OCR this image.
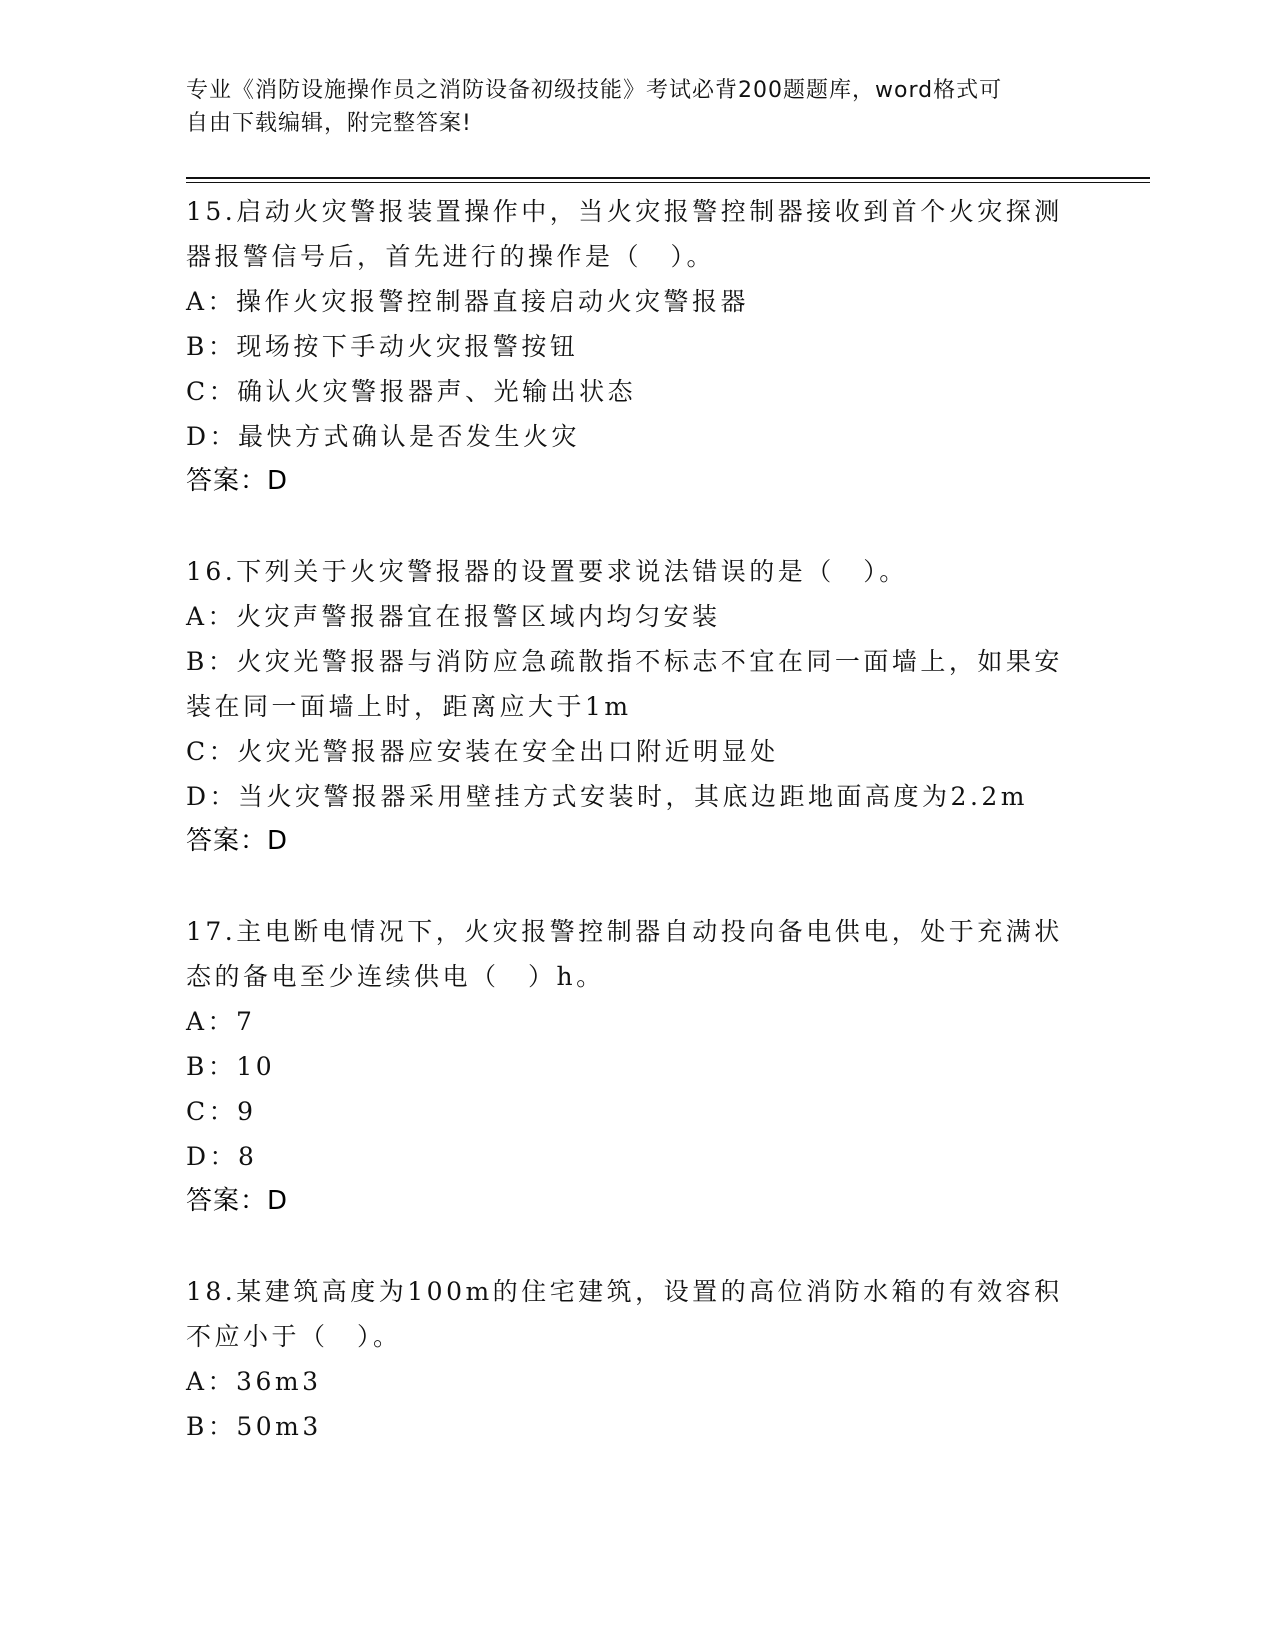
专业《消防设施操作员之消防设备初级技能》考试必背200题题库，word格式可
自由下载编辑，附完整答案!
15.启动火灾警报装置操作中，当火灾报警控制器接收到首个火灾探测
器报警信号后，首先进行的操作是（　）。
A：操作火灾报警控制器直接启动火灾警报器
B：现场按下手动火灾报警按钮
C：确认火灾警报器声、光输出状态
D：最快方式确认是否发生火灾
答案：D
16.下列关于火灾警报器的设置要求说法错误的是（　）。
A：火灾声警报器宜在报警区域内均匀安装
B：火灾光警报器与消防应急疏散指不标志不宜在同一面墙上，如果安
装在同一面墙上时，距离应大于1m
C：火灾光警报器应安装在安全出口附近明显处
D：当火灾警报器采用壁挂方式安装时，其底边距地面高度为2.2m
答案：D
17.主电断电情况下，火灾报警控制器自动投向备电供电，处于充满状
态的备电至少连续供电（　）h。
A：7
B：10
C：9
D：8
答案：D
18.某建筑高度为100m的住宅建筑，设置的高位消防水箱的有效容积
不应小于（　）。
A：36m3
B：50m3
